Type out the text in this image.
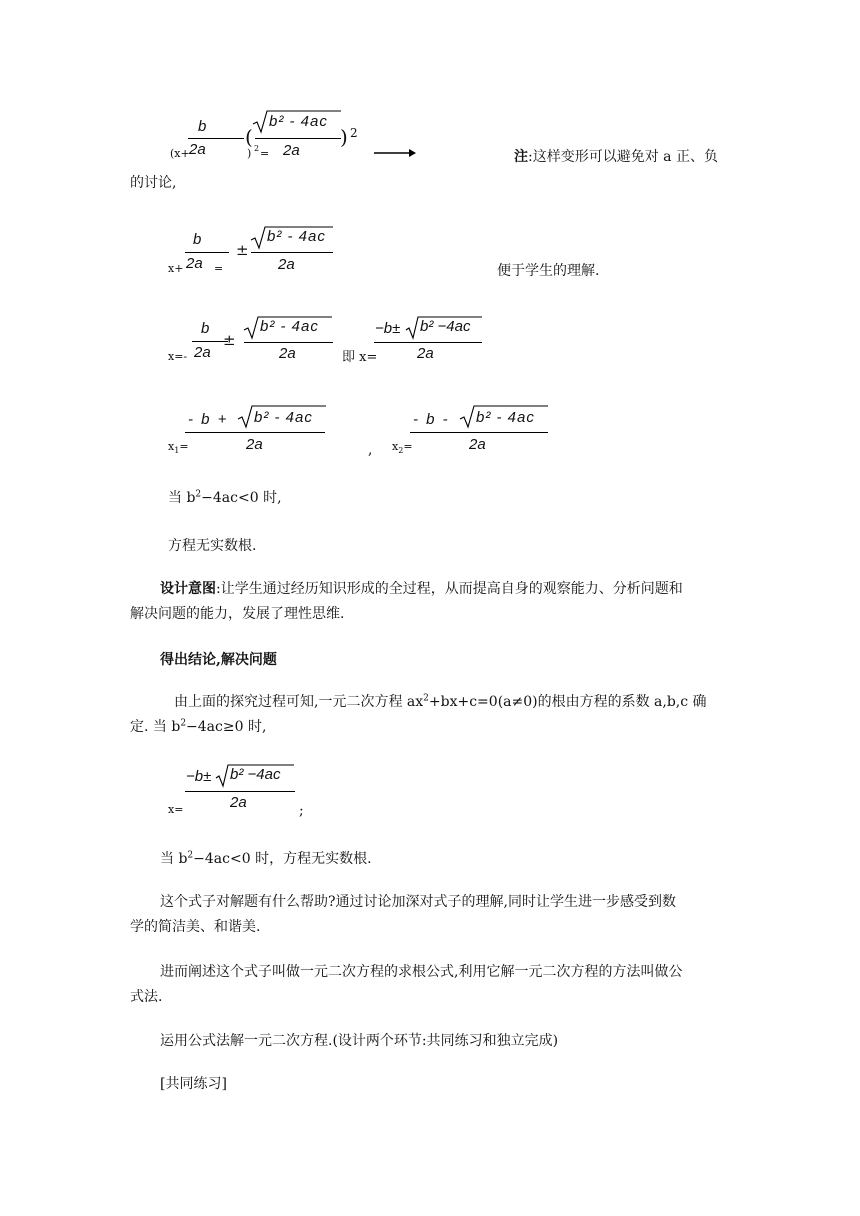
b
(x+ 2a	) 2 =
(
b² - 4ac
2a
) 2
注:这样变形可以避免对 a 正、负
的讨论,
b
x+ 2a =
±
b² - 4ac
2a	便于学生的理解.
b
x=- 2a
±
b² - 4ac
2a	即 x=
−b± b² −4ac
2a
$x_1=$
- b + b² - 4ac
2a	, $x_2=$
- b - b² - 4ac
2a
当 $b^2-4ac<0$ 时,
方程无实数根.
设计意图:让学生通过经历知识形成的全过程，从而提高自身的观察能力、分析问题和
解决问题的能力，发展了理性思维.
得出结论,解决问题
由上面的探究过程可知,一元二次方程 $ax^2+bx+c=0(a\ne 0)$的根由方程的系数 a,b,c 确
定. 当 $b^2-4ac\ge 0$ 时,
x=
−b± b² −4ac
2a	;
当 $b^2-4ac<0$ 时，方程无实数根.
这个式子对解题有什么帮助?通过讨论加深对式子的理解,同时让学生进一步感受到数
学的简洁美、和谐美.
进而阐述这个式子叫做一元二次方程的求根公式,利用它解一元二次方程的方法叫做公
式法.
运用公式法解一元二次方程.(设计两个环节:共同练习和独立完成)
[共同练习]
